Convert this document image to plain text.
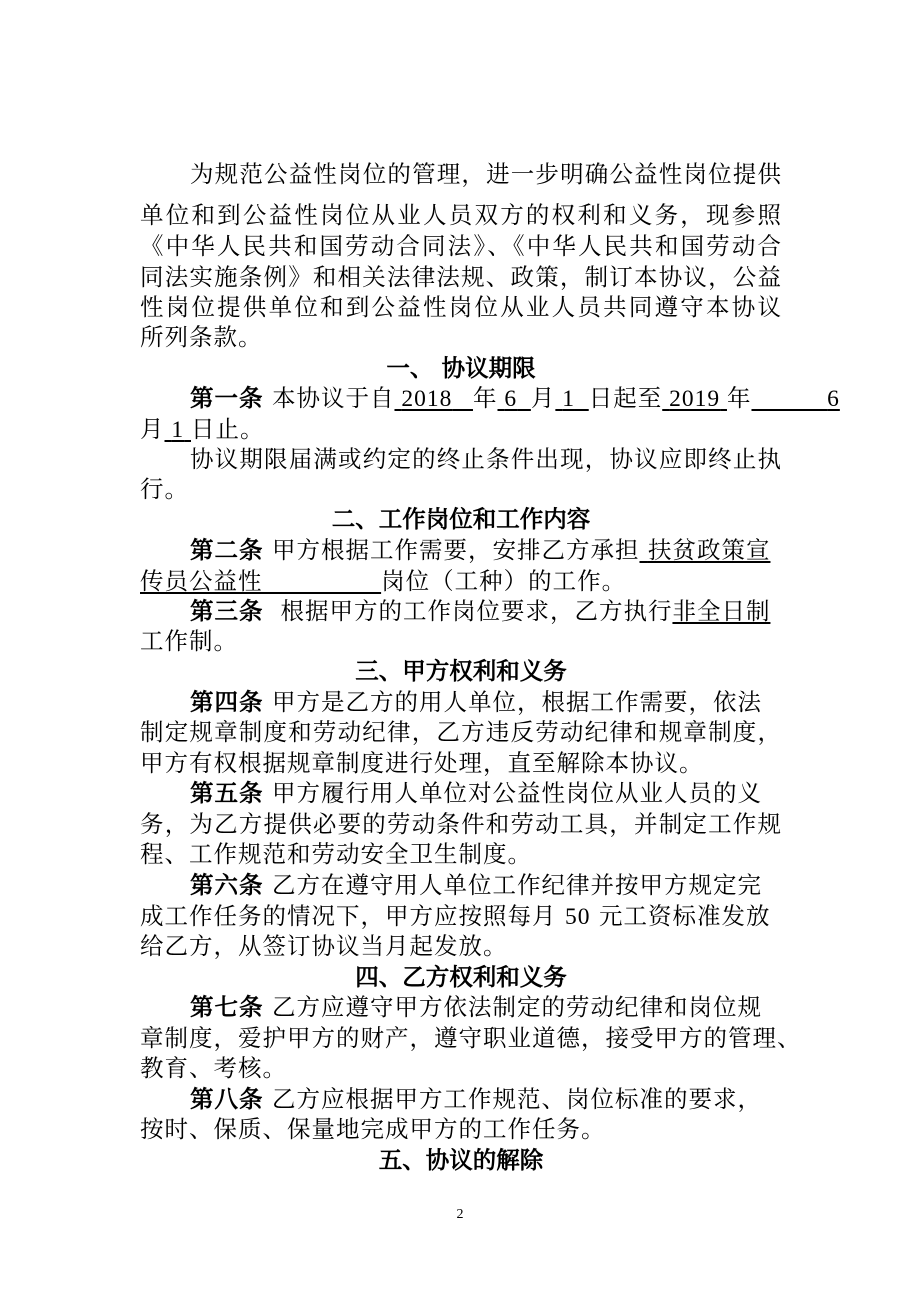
为规范公益性岗位的管理，进一步明确公益性岗位提供
单位和到公益性岗位从业人员双方的权利和义务，现参照
《中华人民共和国劳动合同法》、《中华人民共和国劳动合
同法实施条例》和相关法律法规、政策，制订本协议，公益
性岗位提供单位和到公益性岗位从业人员共同遵守本协议
所列条款。
一、 协议期限
第一条 本协议于自 2018 年 6 月 1 日起至 2019 年	6
月 1 日止。
协议期限届满或约定的终止条件出现，协议应即终止执
行。
二、工作岗位和工作内容
第二条 甲方根据工作需要，安排乙方承担 扶贫政策宣
传员公益性	岗位（工种）的工作。
第三条 根据甲方的工作岗位要求，乙方执行非全日制
工作制。
三、甲方权利和义务
第四条 甲方是乙方的用人单位，根据工作需要，依法
制定规章制度和劳动纪律，乙方违反劳动纪律和规章制度，
甲方有权根据规章制度进行处理，直至解除本协议。
第五条 甲方履行用人单位对公益性岗位从业人员的义
务，为乙方提供必要的劳动条件和劳动工具，并制定工作规
程、工作规范和劳动安全卫生制度。
第六条 乙方在遵守用人单位工作纪律并按甲方规定完
成工作任务的情况下，甲方应按照每月 50 元工资标准发放
给乙方，从签订协议当月起发放。
四、乙方权利和义务
第七条 乙方应遵守甲方依法制定的劳动纪律和岗位规
章制度，爱护甲方的财产，遵守职业道德，接受甲方的管理、
教育、考核。
第八条 乙方应根据甲方工作规范、岗位标准的要求，
按时、保质、保量地完成甲方的工作任务。
五、协议的解除
2
